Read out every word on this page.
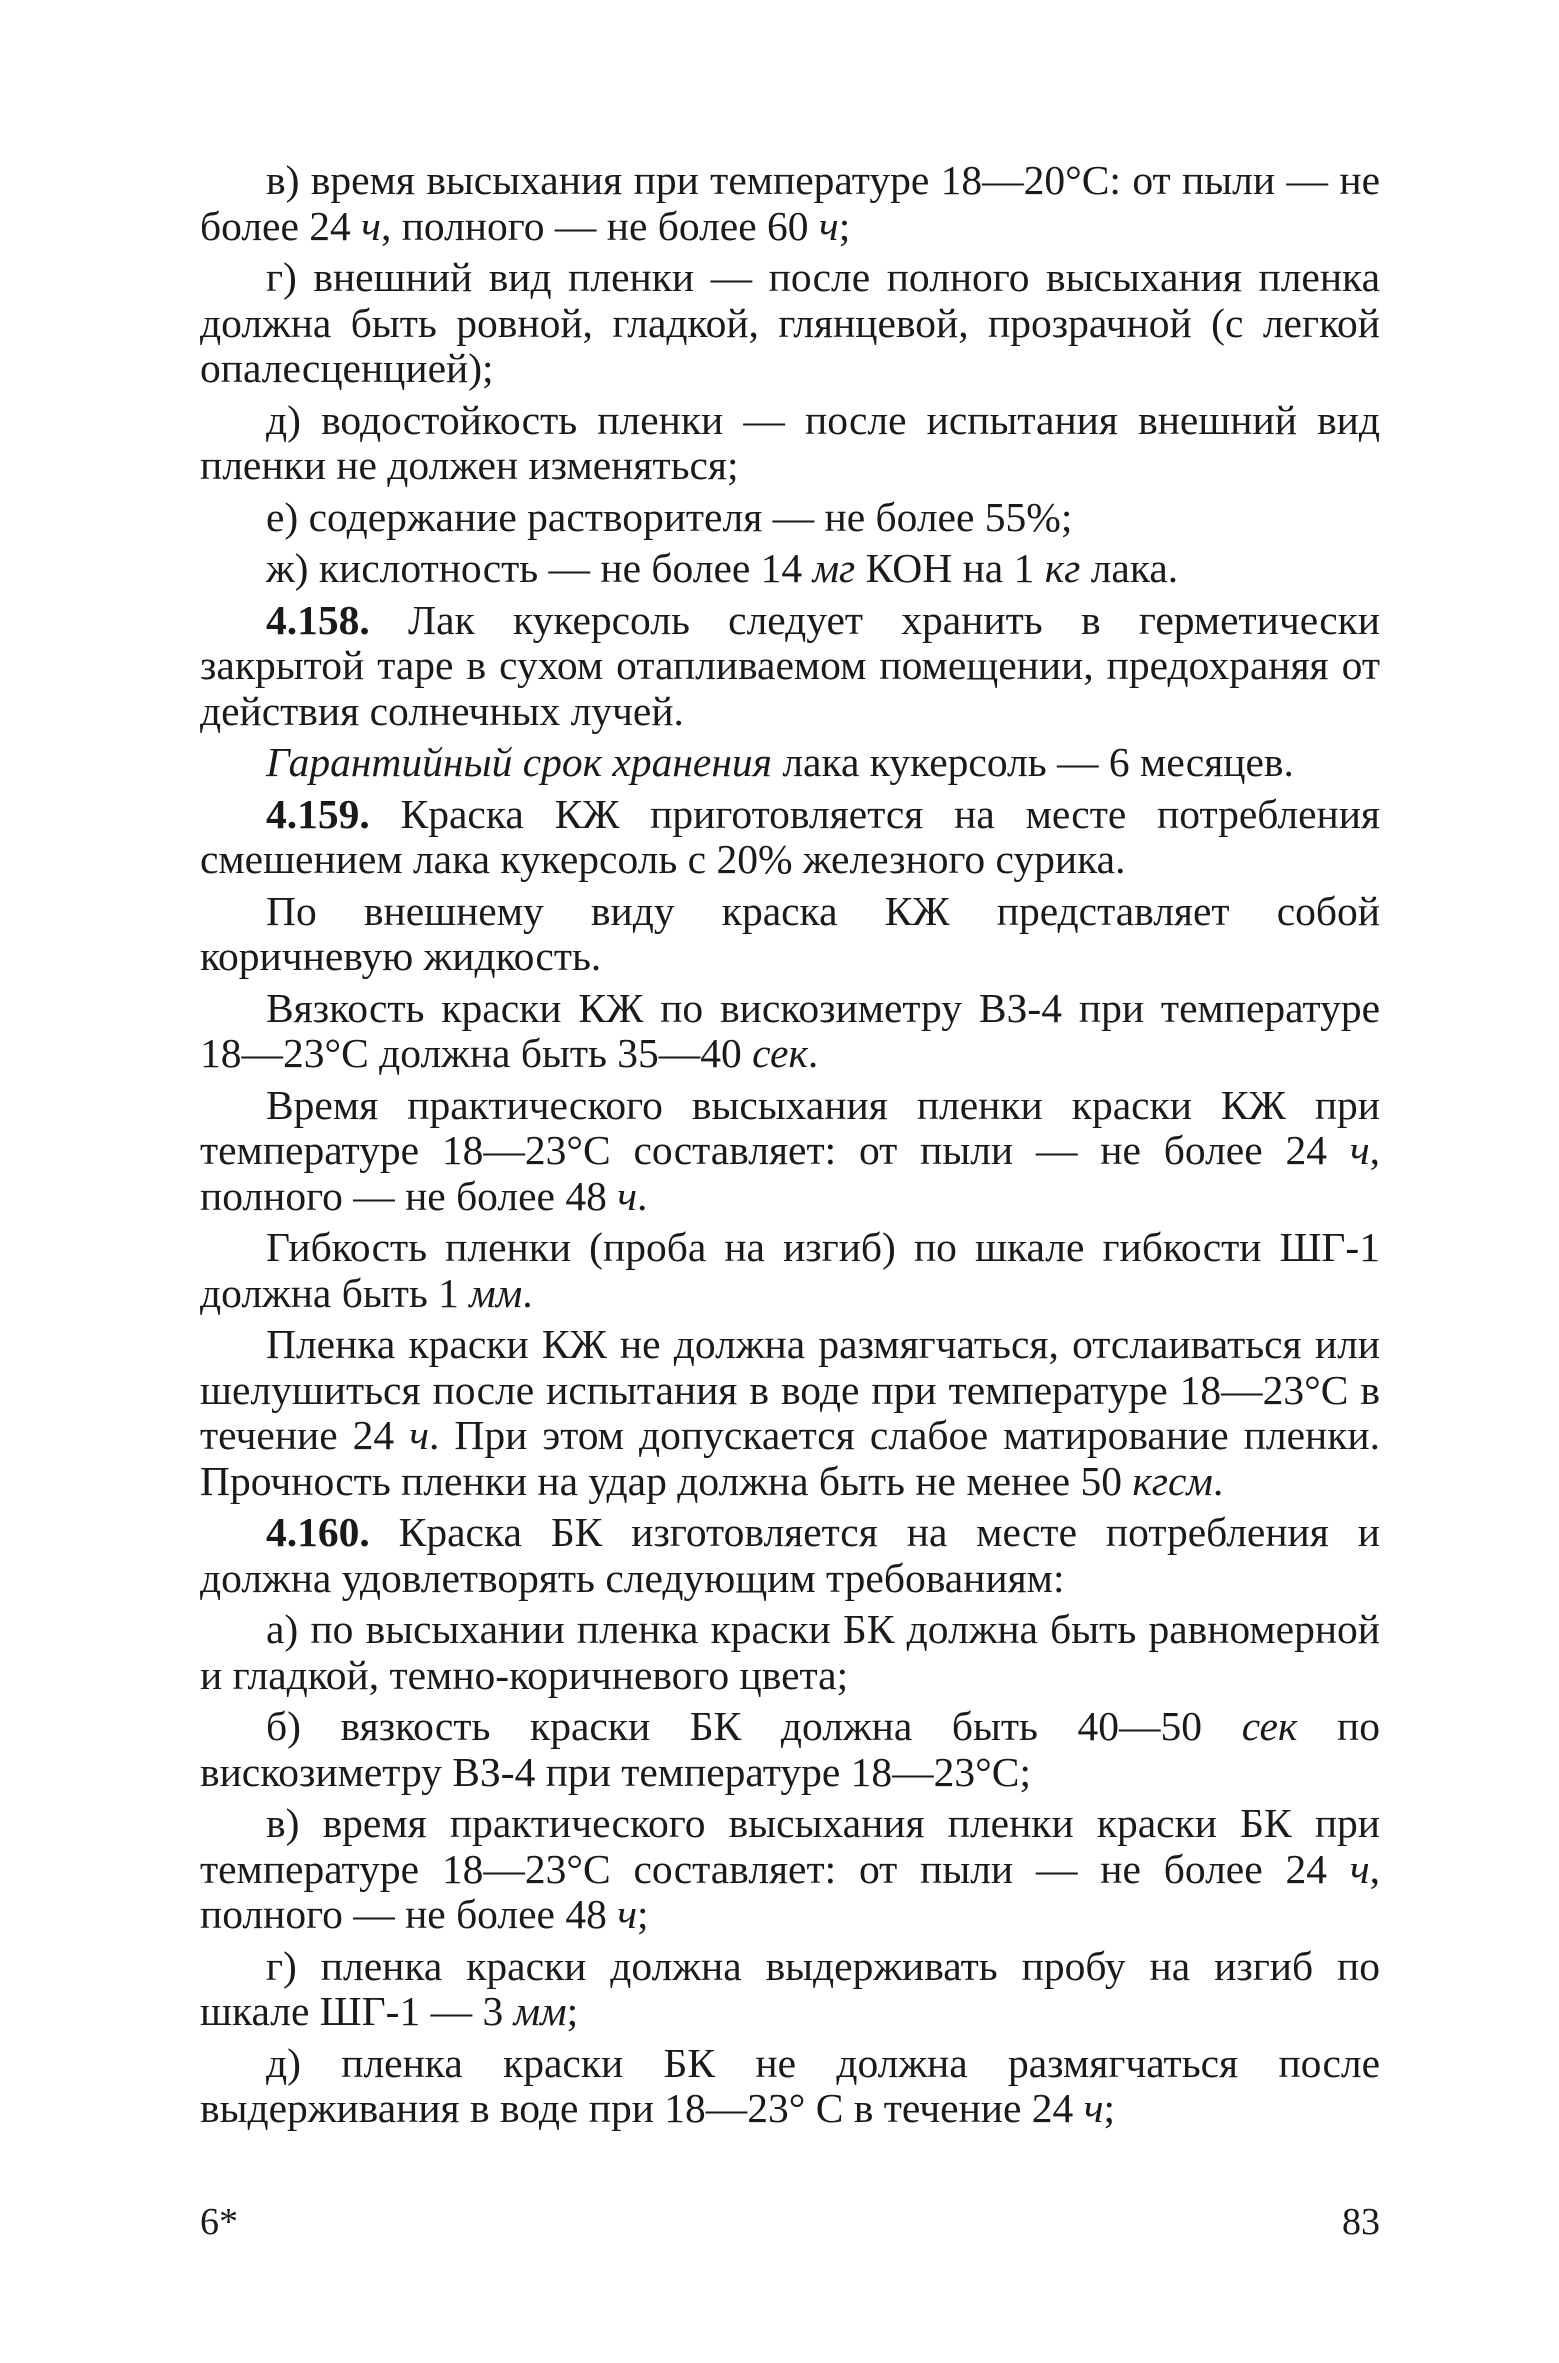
в) время высыхания при температуре 18—20°С: от пыли — не более 24 ч, полного — не более 60 ч;

г) внешний вид пленки — после полного высыхания пленка должна быть ровной, гладкой, глянцевой, прозрачной (с легкой опалесценцией);

д) водостойкость пленки — после испытания внешний вид пленки не должен изменяться;

е) содержание растворителя — не более 55%;

ж) кислотность — не более 14 мг КОН на 1 кг лака.

4.158. Лак кукерсоль следует хранить в герметически закрытой таре в сухом отапливаемом помещении, предохраняя от действия солнечных лучей.

Гарантийный срок хранения лака кукерсоль — 6 месяцев.

4.159. Краска КЖ приготовляется на месте потребления смешением лака кукерсоль с 20% железного сурика.

По внешнему виду краска КЖ представляет собой коричневую жидкость.

Вязкость краски КЖ по вискозиметру ВЗ-4 при температуре 18—23°С должна быть 35—40 сек.

Время практического высыхания пленки краски КЖ при температуре 18—23°С составляет: от пыли — не более 24 ч, полного — не более 48 ч.

Гибкость пленки (проба на изгиб) по шкале гибкости ШГ-1 должна быть 1 мм.

Пленка краски КЖ не должна размягчаться, отслаиваться или шелушиться после испытания в воде при температуре 18—23°С в течение 24 ч. При этом допускается слабое матирование пленки. Прочность пленки на удар должна быть не менее 50 кгсм.

4.160. Краска БК изготовляется на месте потребления и должна удовлетворять следующим требованиям:

а) по высыхании пленка краски БК должна быть равномерной и гладкой, темно-коричневого цвета;

б) вязкость краски БК должна быть 40—50 сек по вискозиметру ВЗ-4 при температуре 18—23°С;

в) время практического высыхания пленки краски БК при температуре 18—23°С составляет: от пыли — не более 24 ч, полного — не более 48 ч;

г) пленка краски должна выдерживать пробу на изгиб по шкале ШГ-1 — 3 мм;

д) пленка краски БК не должна размягчаться после выдерживания в воде при 18—23° С в течение 24 ч;

6*	83
